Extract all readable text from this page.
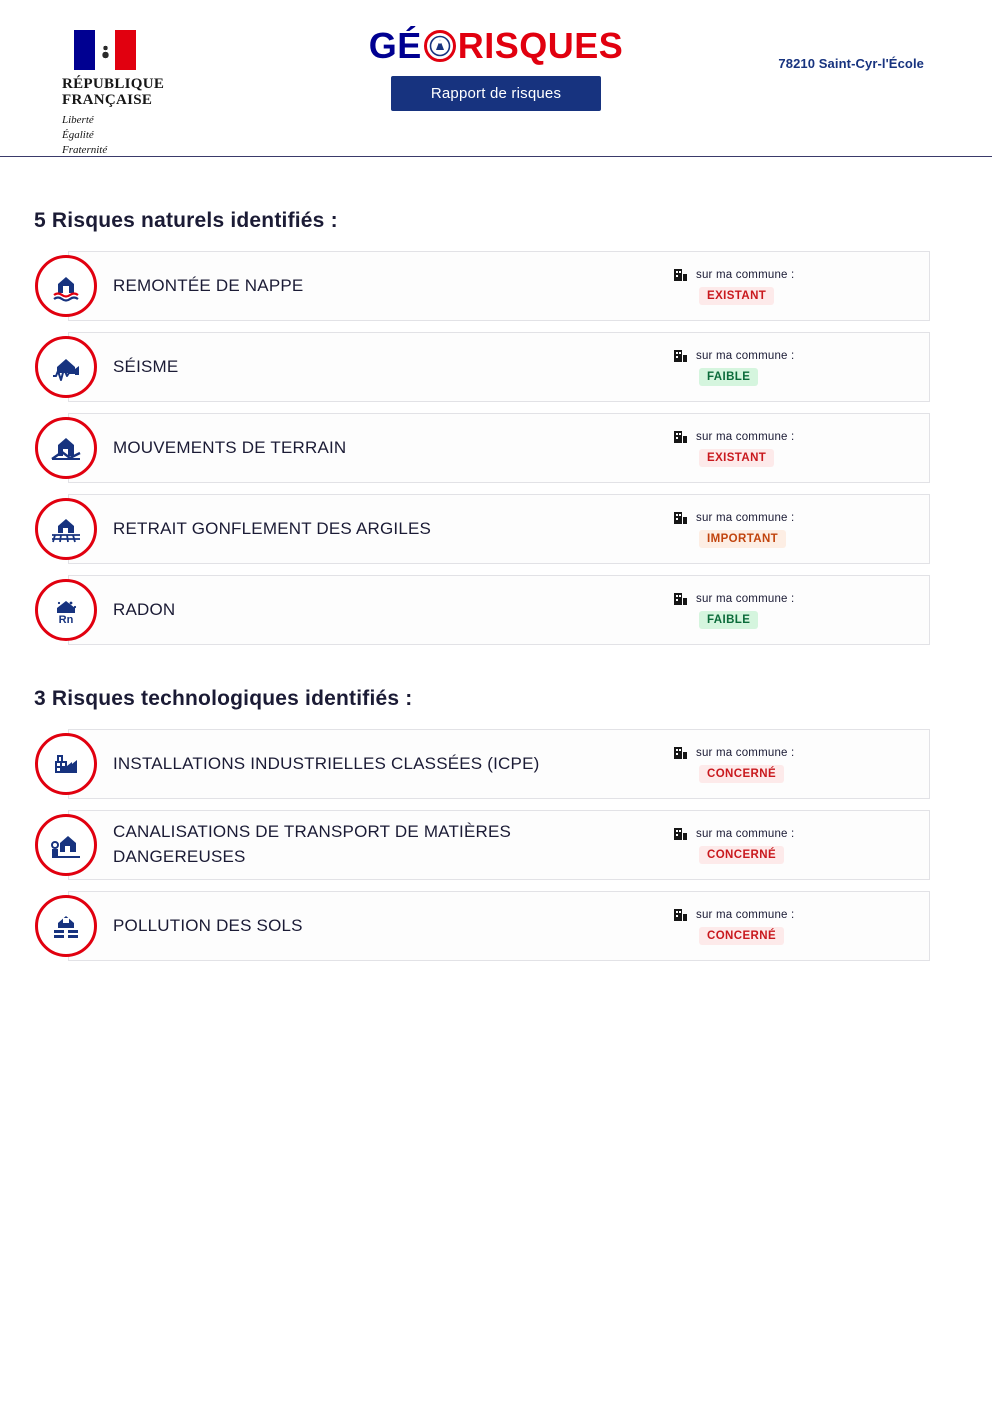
RÉPUBLIQUE
FRANÇAISE
Liberté
Égalité
Fraternité
GÉ RISQUES
Rapport de risques
78210 Saint-Cyr-l'École
5 Risques naturels identifiés :
REMONTÉE DE NAPPE
sur ma commune :
EXISTANT
SÉISME
sur ma commune :
FAIBLE
MOUVEMENTS DE TERRAIN
sur ma commune :
EXISTANT
RETRAIT GONFLEMENT DES ARGILES
sur ma commune :
IMPORTANT
Rn
RADON
sur ma commune :
FAIBLE
3 Risques technologiques identifiés :
INSTALLATIONS INDUSTRIELLES CLASSÉES (ICPE)
sur ma commune :
CONCERNÉ
CANALISATIONS DE TRANSPORT DE MATIÈRES DANGEREUSES
sur ma commune :
CONCERNÉ
POLLUTION DES SOLS
sur ma commune :
CONCERNÉ
